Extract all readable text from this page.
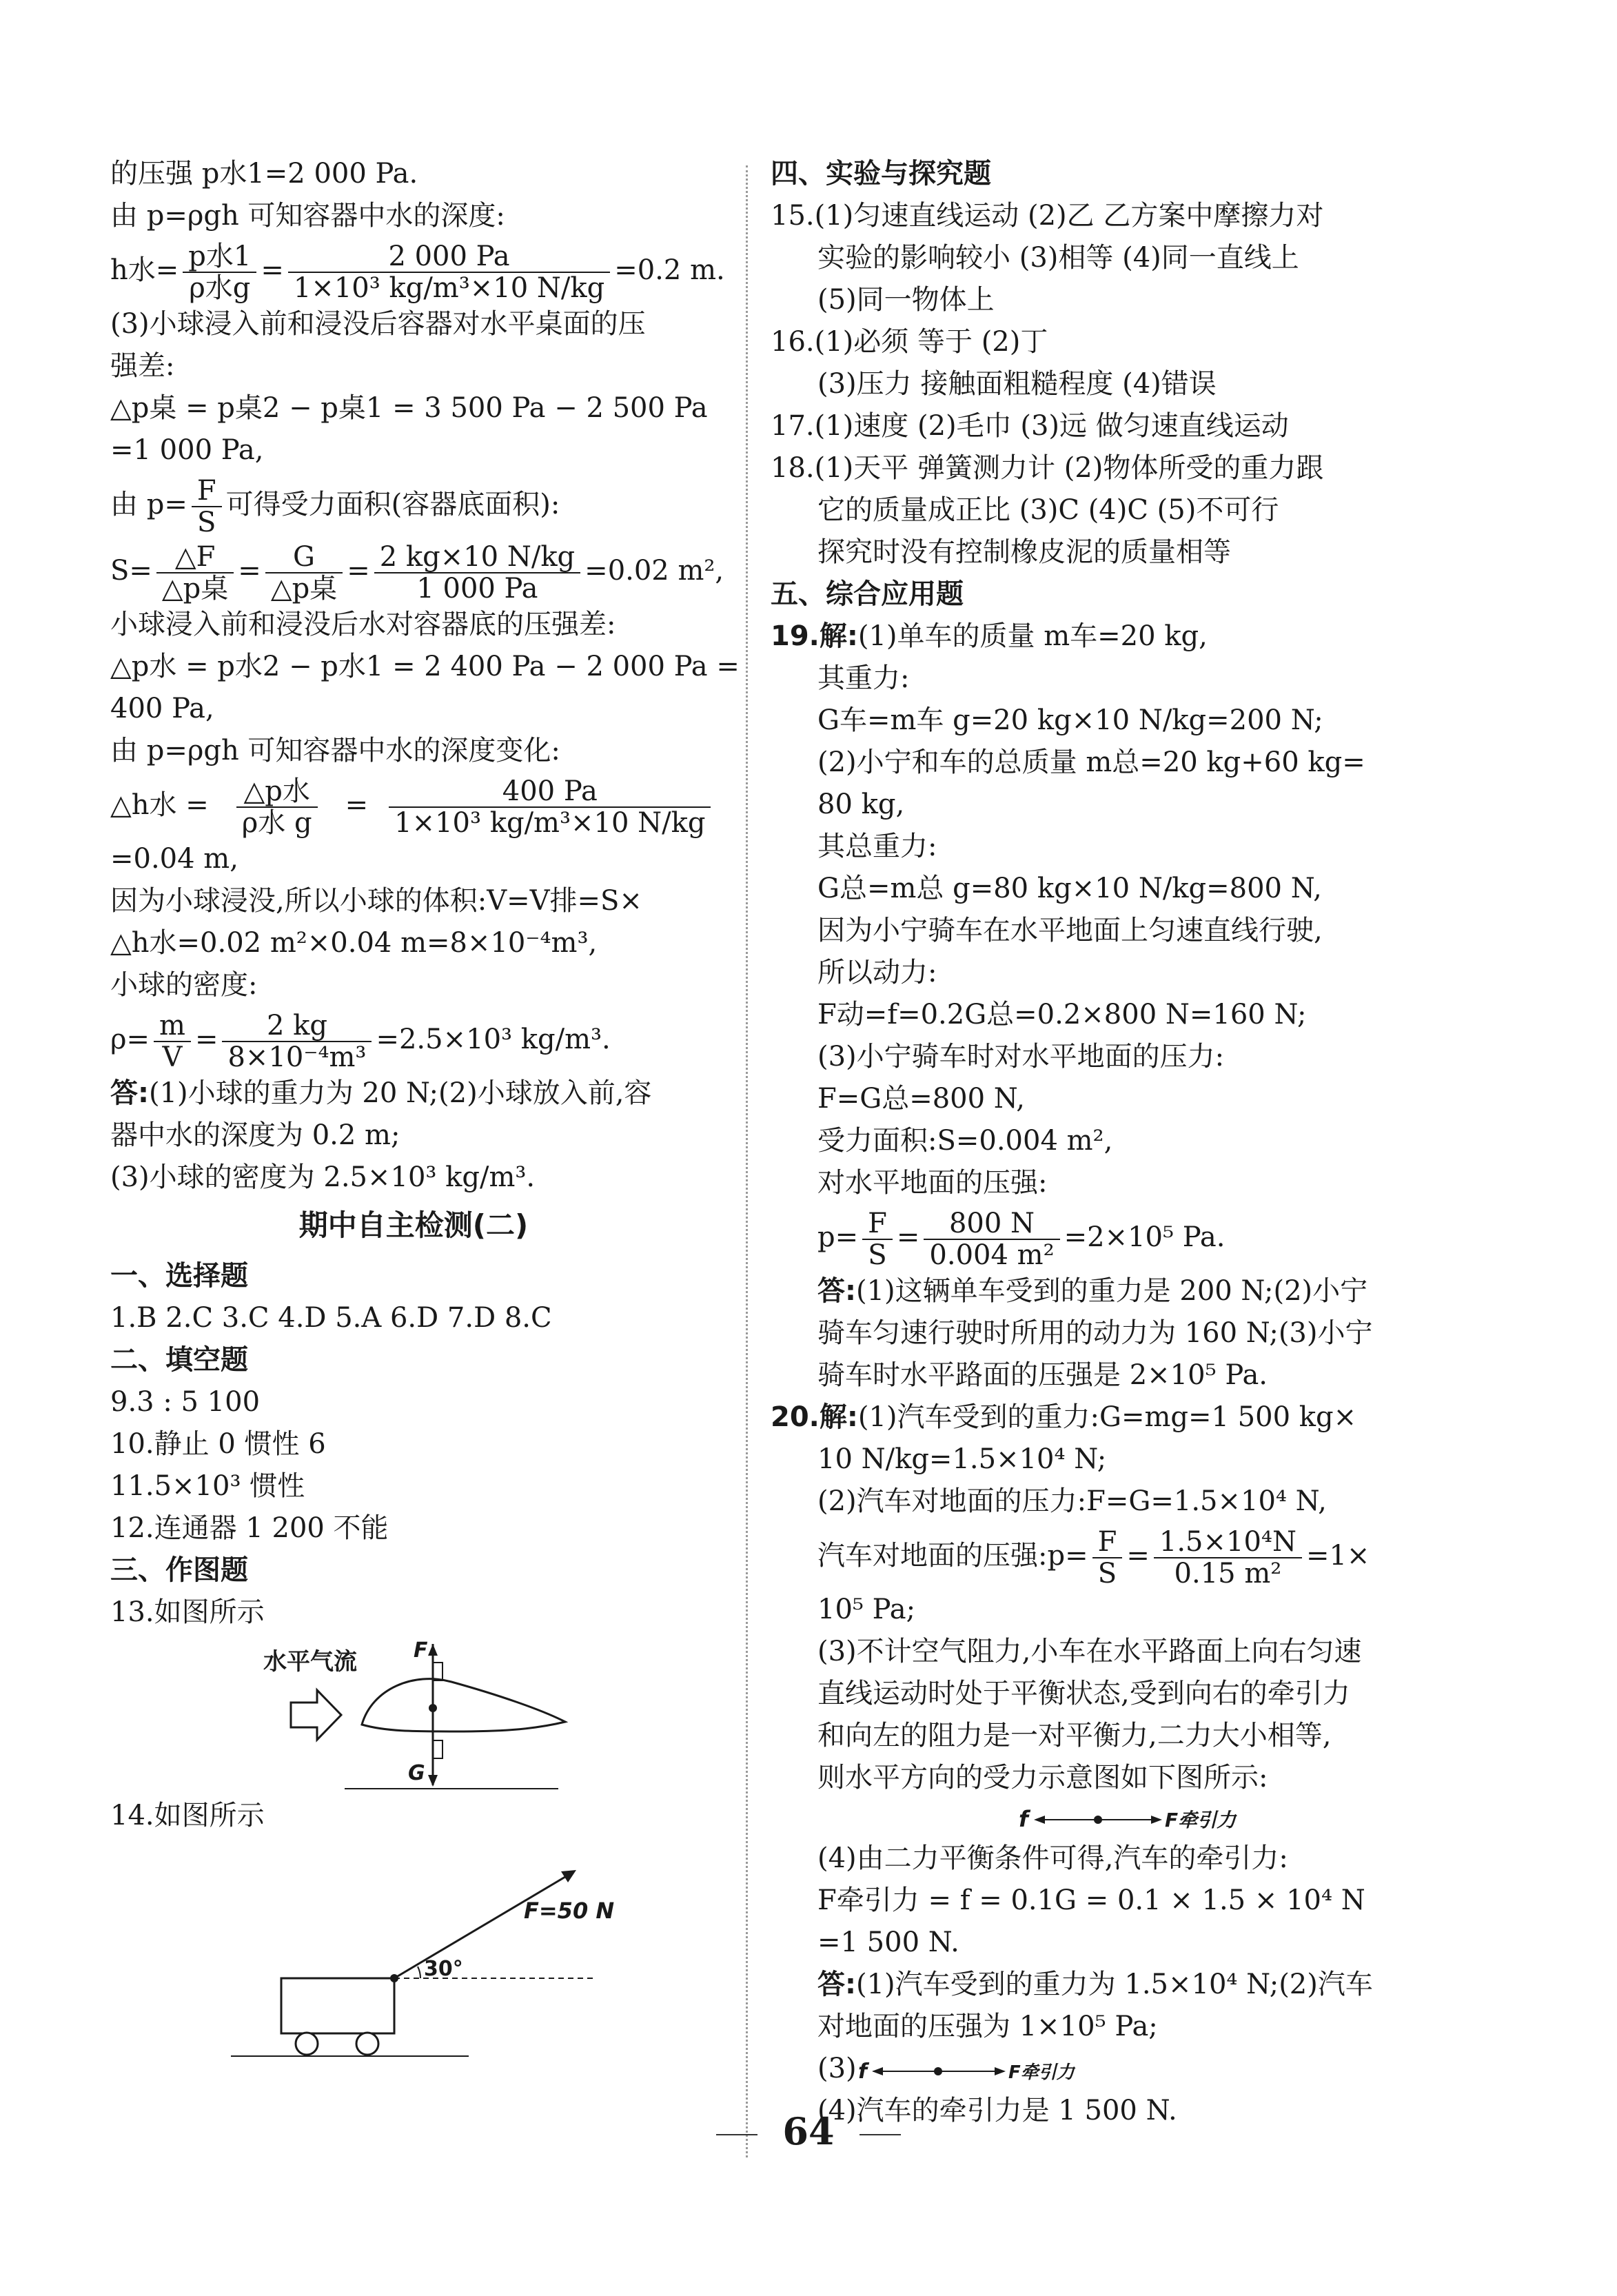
的压强 p水1=2 000 Pa.
由 p=ρgh 可知容器中水的深度:
h水= $\frac{\text{p水1}}{\text{ρ水g}} = \frac{2 000 Pa}{\text{1×10³ kg/m³×10 N/kg}} =0.2$ m.
(3)小球浸入前和浸没后容器对水平桌面的压
强差:
△p桌 = p桌2 − p桌1 = 3 500 Pa − 2 500 Pa
=1 000 Pa,
由 $p= \frac{F}{S}$ 可得受力面积(容器底面积):
$S= \frac{\triangle F}{\text{△p桌}} = \frac{G}{\text{△p桌}} = \frac{2 kg\times 10 N/kg}{1 000 Pa} =0.02$ m²,
小球浸入前和浸没后水对容器底的压强差:
△p水 = p水2 − p水1 = 2 400 Pa − 2 000 Pa =
400 Pa,
由 p=ρgh 可知容器中水的深度变化:
△h水 = $\frac{\text{△p水}}{\text{ρ水 g}} = \frac{400 Pa}{\text{1×10³ kg/m³×10 N/kg}}$
=0.04 m,
因为小球浸没,所以小球的体积:V=V排=S×
△h水=0.02 m²×0.04 m=8×10⁻⁴m³,
小球的密度:
$\rho= \frac{m}{V} = \frac{2 kg}{\text{8×10⁻⁴m³}} =2.5\times 10^3$ kg/m³.
答:(1)小球的重力为 20 N;(2)小球放入前,容
器中水的深度为 0.2 m;
(3)小球的密度为 2.5×10³ kg/m³.
期中自主检测(二)
一、选择题
1.B 2.C 3.C 4.D 5.A 6.D 7.D 8.C
二、填空题
9.3 : 5 100
10.静止 0 惯性 6
11.5×10³ 惯性
12.连通器 1 200 不能
三、作图题
13.如图所示
水平气流	F
G
14.如图所示
F=50 N
30°
四、实验与探究题
15.(1)匀速直线运动 (2)乙 乙方案中摩擦力对
实验的影响较小 (3)相等 (4)同一直线上
(5)同一物体上
16.(1)必须 等于 (2)丁
(3)压力 接触面粗糙程度 (4)错误
17.(1)速度 (2)毛巾 (3)远 做匀速直线运动
18.(1)天平 弹簧测力计 (2)物体所受的重力跟
它的质量成正比 (3)C (4)C (5)不可行
探究时没有控制橡皮泥的质量相等
五、综合应用题
19.解:(1)单车的质量 m车=20 kg,
其重力:
G车=m车 g=20 kg×10 N/kg=200 N;
(2)小宁和车的总质量 m总=20 kg+60 kg=
80 kg,
其总重力:
G总=m总 g=80 kg×10 N/kg=800 N,
因为小宁骑车在水平地面上匀速直线行驶,
所以动力:
F动=f=0.2G总=0.2×800 N=160 N;
(3)小宁骑车时对水平地面的压力:
F=G总=800 N,
受力面积:S=0.004 m²,
对水平地面的压强:
$p= \frac{F}{S} = \frac{800 N}{\text{0.004 m²}} =2\times 10^5$ Pa.
答:(1)这辆单车受到的重力是 200 N;(2)小宁
骑车匀速行驶时所用的动力为 160 N;(3)小宁
骑车时水平路面的压强是 2×10⁵ Pa.
20.解:(1)汽车受到的重力:G=mg=1 500 kg×
10 N/kg=1.5×10⁴ N;
(2)汽车对地面的压力:F=G=1.5×10⁴ N,
汽车对地面的压强:p= $\frac{F}{S} = \frac{\text{1.5×10⁴N}}{\text{0.15 m²}} =1\times$
10⁵ Pa;
(3)不计空气阻力,小车在水平路面上向右匀速
直线运动时处于平衡状态,受到向右的牵引力
和向左的阻力是一对平衡力,二力大小相等,
则水平方向的受力示意图如下图所示:
f	F牵引力
(4)由二力平衡条件可得,汽车的牵引力:
F牵引力 = f = 0.1G = 0.1 × 1.5 × 10⁴ N
=1 500 N.
答:(1)汽车受到的重力为 1.5×10⁴ N;(2)汽车
对地面的压强为 1×10⁵ Pa;
(3) f	F牵引力
(4)汽车的牵引力是 1 500 N.
64
